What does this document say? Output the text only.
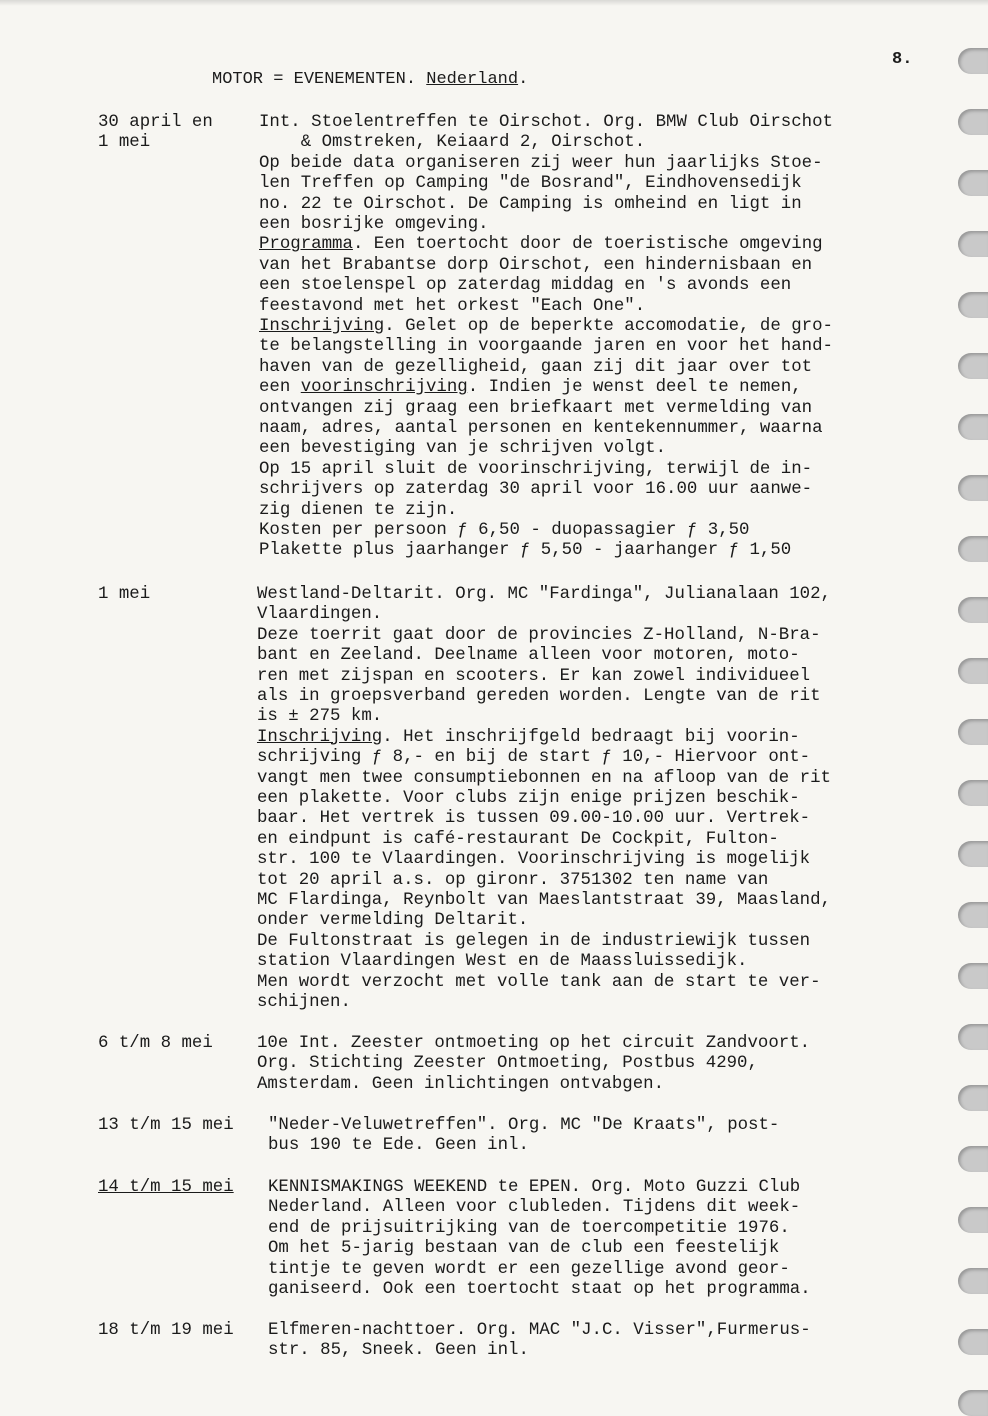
8.
MOTOR = EVENEMENTEN. Nederland.
30 april en
1 mei
Int. Stoelentreffen te Oirschot. Org. BMW Club Oirschot
& Omstreken, Keiaard 2, Oirschot.
Op beide data organiseren zij weer hun jaarlijks Stoe-
len Treffen op Camping "de Bosrand", Eindhovensedijk
no. 22 te Oirschot. De Camping is omheind en ligt in
een bosrijke omgeving.
Programma. Een toertocht door de toeristische omgeving
van het Brabantse dorp Oirschot, een hindernisbaan en
een stoelenspel op zaterdag middag en 's avonds een
feestavond met het orkest "Each One".
Inschrijving. Gelet op de beperkte accomodatie, de gro-
te belangstelling in voorgaande jaren en voor het hand-
haven van de gezelligheid, gaan zij dit jaar over tot
een voorinschrijving. Indien je wenst deel te nemen,
ontvangen zij graag een briefkaart met vermelding van
naam, adres, aantal personen en kentekennummer, waarna
een bevestiging van je schrijven volgt.
Op 15 april sluit de voorinschrijving, terwijl de in-
schrijvers op zaterdag 30 april voor 16.00 uur aanwe-
zig dienen te zijn.
Kosten per persoon ƒ 6,50 - duopassagier ƒ 3,50
Plakette plus jaarhanger ƒ 5,50 - jaarhanger ƒ 1,50
1 mei	Westland-Deltarit. Org. MC "Fardinga", Julianalaan 102,
Vlaardingen.
Deze toerrit gaat door de provincies Z-Holland, N-Bra-
bant en Zeeland. Deelname alleen voor motoren, moto-
ren met zijspan en scooters. Er kan zowel individueel
als in groepsverband gereden worden. Lengte van de rit
is ± 275 km.
Inschrijving. Het inschrijfgeld bedraagt bij voorin-
schrijving ƒ 8,- en bij de start ƒ 10,- Hiervoor ont-
vangt men twee consumptiebonnen en na afloop van de rit
een plakette. Voor clubs zijn enige prijzen beschik-
baar. Het vertrek is tussen 09.00-10.00 uur. Vertrek-
en eindpunt is café-restaurant De Cockpit, Fulton-
str. 100 te Vlaardingen. Voorinschrijving is mogelijk
tot 20 april a.s. op gironr. 3751302 ten name van
MC Flardinga, Reynbolt van Maeslantstraat 39, Maasland,
onder vermelding Deltarit.
De Fultonstraat is gelegen in de industriewijk tussen
station Vlaardingen West en de Maassluissedijk.
Men wordt verzocht met volle tank aan de start te ver-
schijnen.
6 t/m 8 mei	10e Int. Zeester ontmoeting op het circuit Zandvoort.
Org. Stichting Zeester Ontmoeting, Postbus 4290,
Amsterdam. Geen inlichtingen ontvabgen.
13 t/m 15 mei "Neder-Veluwetreffen". Org. MC "De Kraats", post-
bus 190 te Ede. Geen inl.
14 t/m 15 mei KENNISMAKINGS WEEKEND te EPEN. Org. Moto Guzzi Club
Nederland. Alleen voor clubleden. Tijdens dit week-
end de prijsuitrijking van de toercompetitie 1976.
Om het 5-jarig bestaan van de club een feestelijk
tintje te geven wordt er een gezellige avond geor-
ganiseerd. Ook een toertocht staat op het programma.
18 t/m 19 mei Elfmeren-nachttoer. Org. MAC "J.C. Visser",Furmerus-
str. 85, Sneek. Geen inl.
